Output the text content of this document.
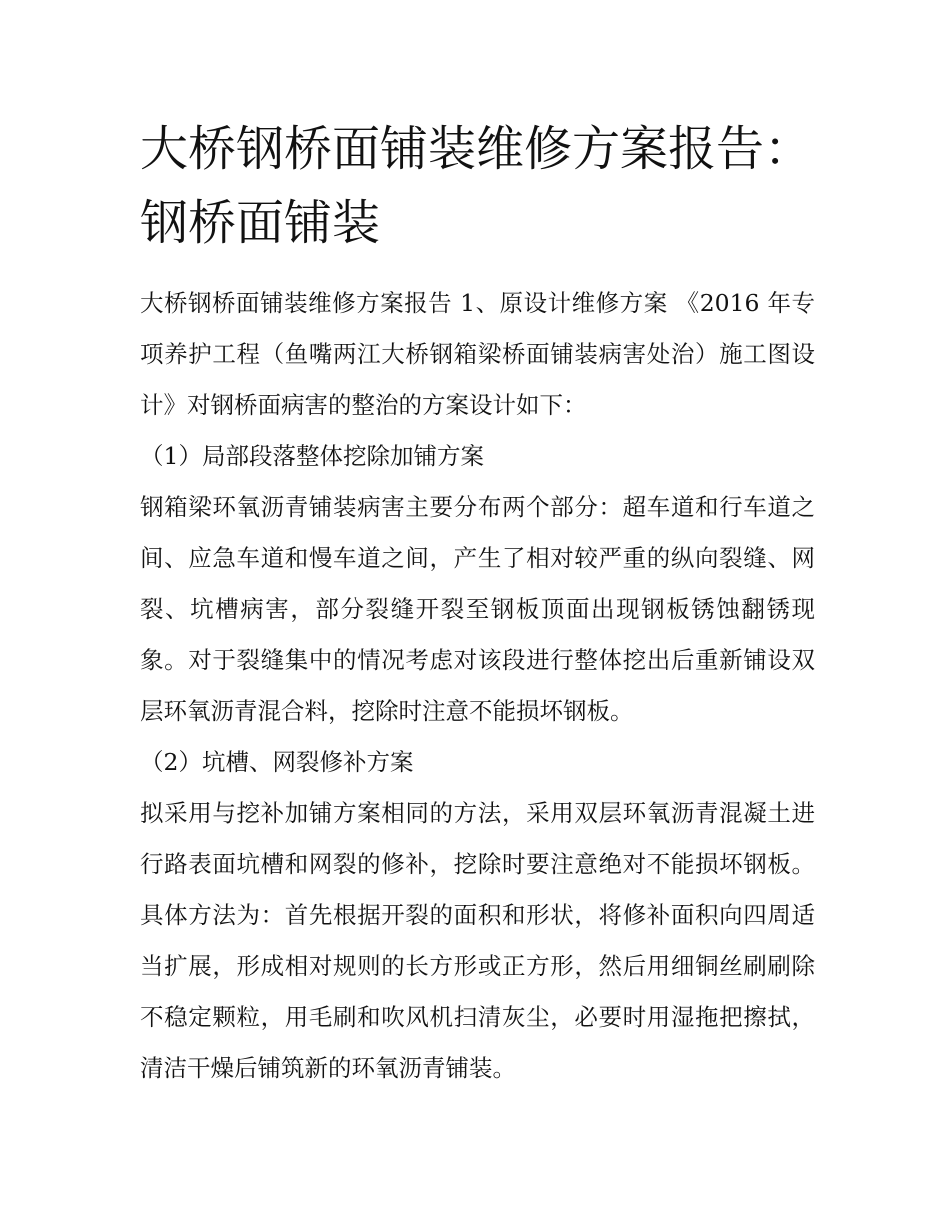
大桥钢桥面铺装维修方案报告：钢桥面铺装

大桥钢桥面铺装维修方案报告 1、原设计维修方案 《2016 年专项养护工程（鱼嘴两江大桥钢箱梁桥面铺装病害处治）施工图设计》对钢桥面病害的整治的方案设计如下：

（1）局部段落整体挖除加铺方案

钢箱梁环氧沥青铺装病害主要分布两个部分：超车道和行车道之间、应急车道和慢车道之间，产生了相对较严重的纵向裂缝、网裂、坑槽病害，部分裂缝开裂至钢板顶面出现钢板锈蚀翻锈现象。对于裂缝集中的情况考虑对该段进行整体挖出后重新铺设双层环氧沥青混合料，挖除时注意不能损坏钢板。

（2）坑槽、网裂修补方案

拟采用与挖补加铺方案相同的方法，采用双层环氧沥青混凝土进行路表面坑槽和网裂的修补，挖除时要注意绝对不能损坏钢板。具体方法为：首先根据开裂的面积和形状，将修补面积向四周适当扩展，形成相对规则的长方形或正方形，然后用细铜丝刷刷除不稳定颗粒，用毛刷和吹风机扫清灰尘，必要时用湿拖把擦拭，清洁干燥后铺筑新的环氧沥青铺装。
